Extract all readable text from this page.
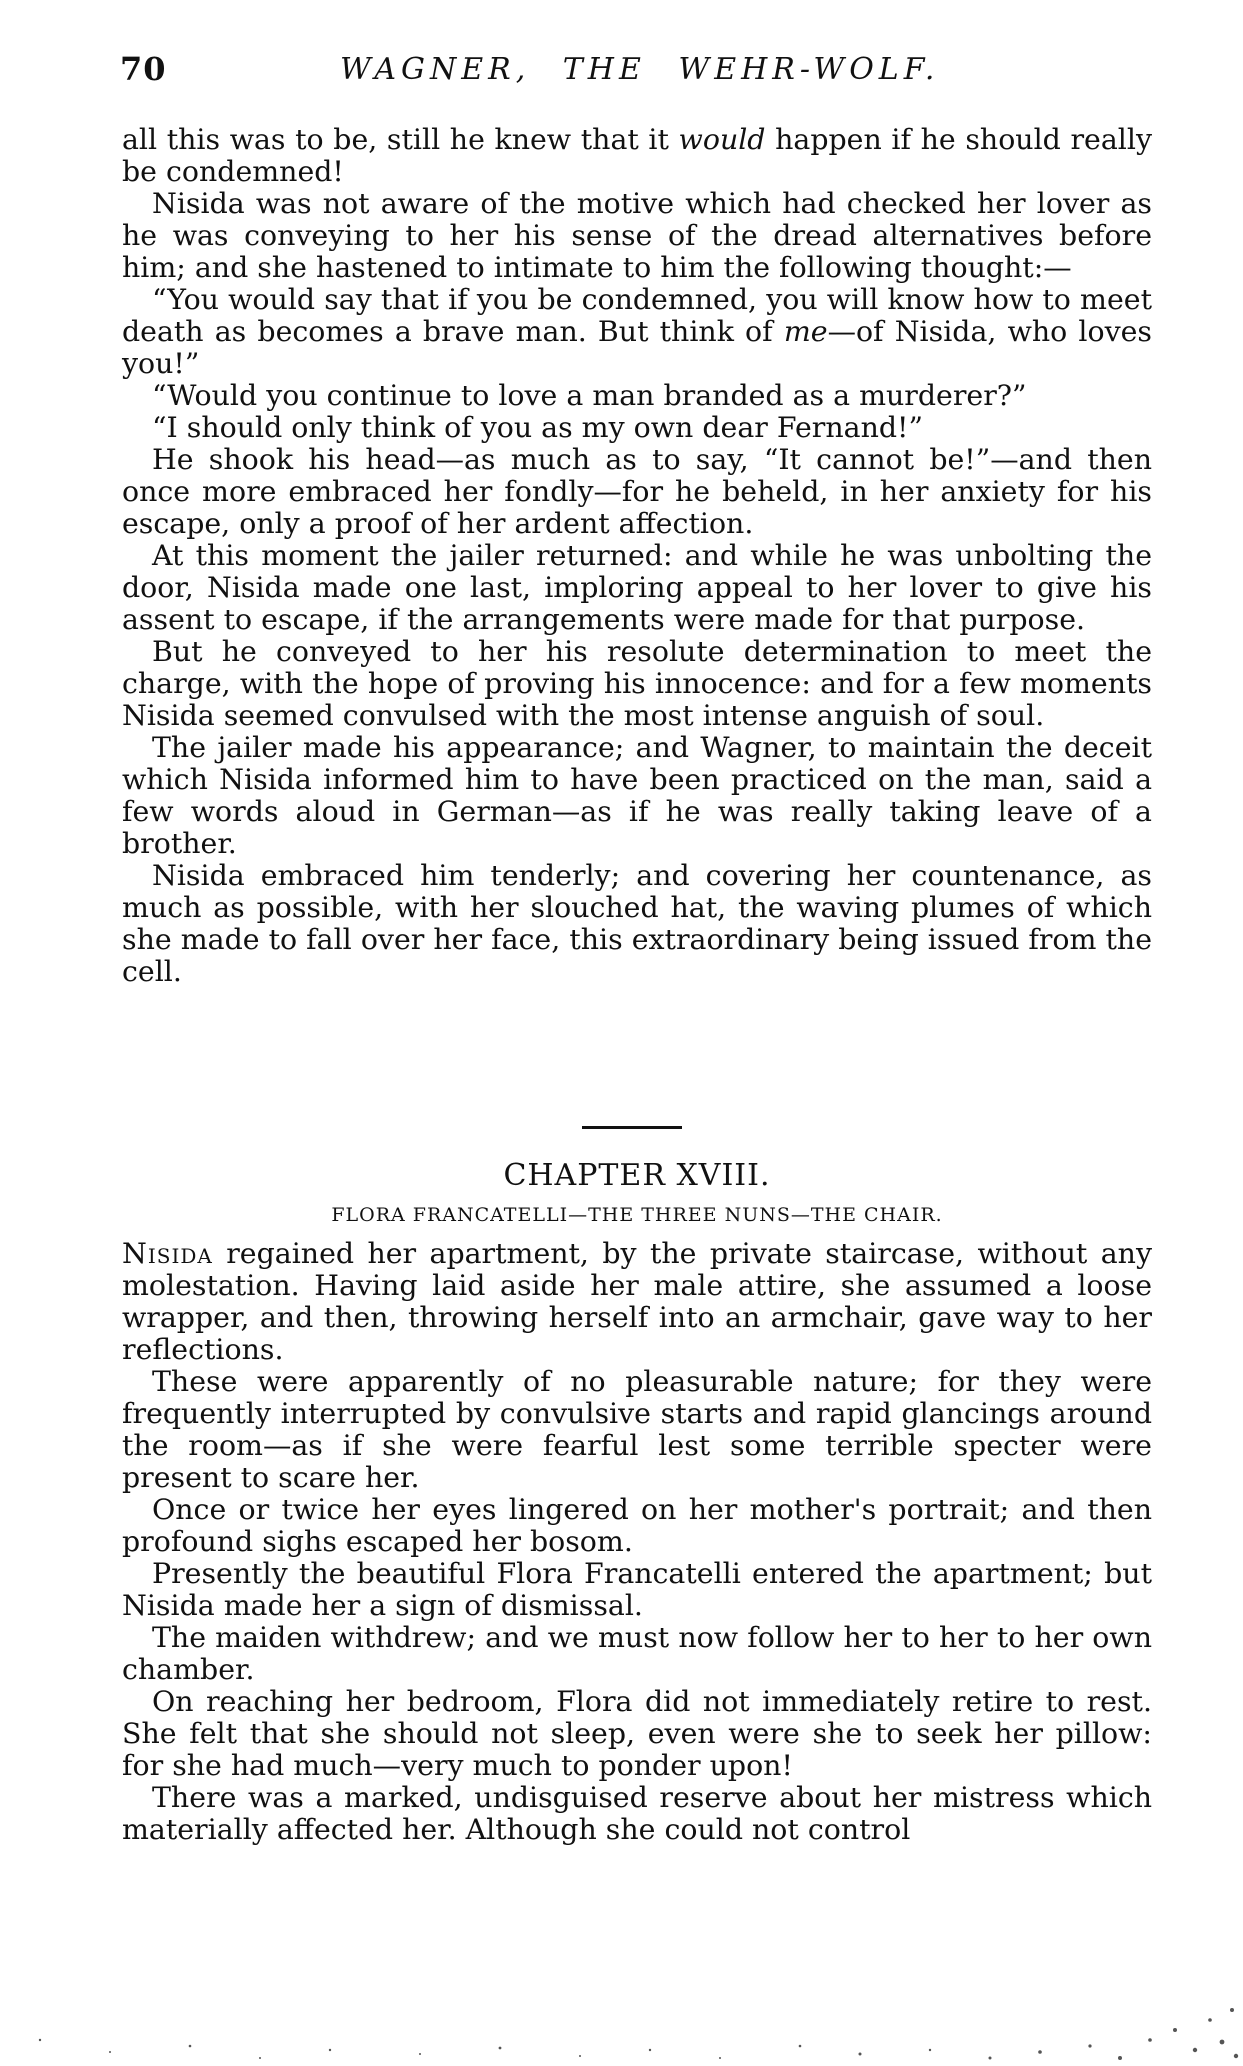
70	WAGNER, THE WEHR-WOLF.

all this was to be, still he knew that it would happen if he should really be condemned!

Nisida was not aware of the motive which had checked her lover as he was conveying to her his sense of the dread alternatives before him; and she hastened to intimate to him the following thought:—

“You would say that if you be condemned, you will know how to meet death as becomes a brave man. But think of me—of Nisida, who loves you!”

“Would you continue to love a man branded as a murderer?”

“I should only think of you as my own dear Fernand!”

He shook his head—as much as to say, “It cannot be!”—and then once more embraced her fondly—for he beheld, in her anxiety for his escape, only a proof of her ardent affection.

At this moment the jailer returned: and while he was unbolting the door, Nisida made one last, imploring appeal to her lover to give his assent to escape, if the arrangements were made for that purpose.

But he conveyed to her his resolute determination to meet the charge, with the hope of proving his innocence: and for a few moments Nisida seemed convulsed with the most intense anguish of soul.

The jailer made his appearance; and Wagner, to maintain the deceit which Nisida informed him to have been practiced on the man, said a few words aloud in German—as if he was really taking leave of a brother.

Nisida embraced him tenderly; and covering her countenance, as much as possible, with her slouched hat, the waving plumes of which she made to fall over her face, this extraordinary being issued from the cell.

CHAPTER XVIII.
FLORA FRANCATELLI—THE THREE NUNS—THE CHAIR.

Nisida regained her apartment, by the private staircase, without any molestation. Having laid aside her male attire, she assumed a loose wrapper, and then, throwing herself into an armchair, gave way to her reflections.

These were apparently of no pleasurable nature; for they were frequently interrupted by convulsive starts and rapid glancings around the room—as if she were fearful lest some terrible specter were present to scare her.

Once or twice her eyes lingered on her mother's portrait; and then profound sighs escaped her bosom.

Presently the beautiful Flora Francatelli entered the apartment; but Nisida made her a sign of dismissal.

The maiden withdrew; and we must now follow her to her to her own chamber.

On reaching her bedroom, Flora did not immediately retire to rest. She felt that she should not sleep, even were she to seek her pillow: for she had much—very much to ponder upon!

There was a marked, undisguised reserve about her mistress which materially affected her. Although she could not control
